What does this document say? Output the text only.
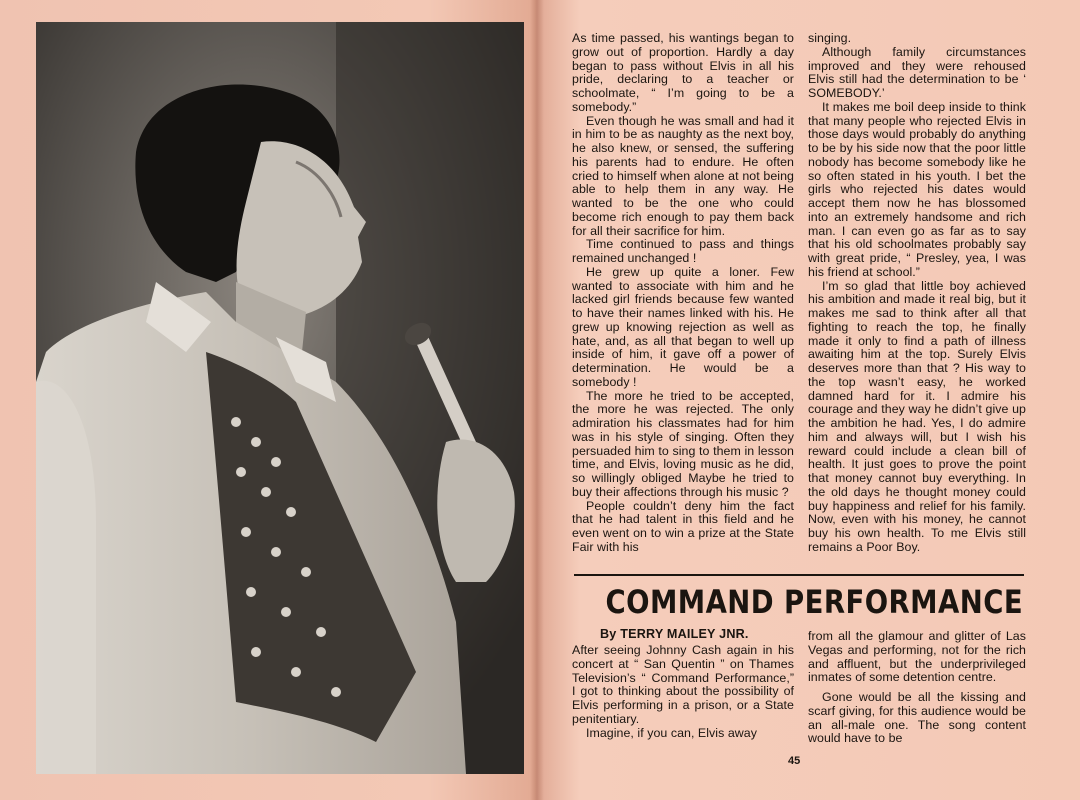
As time passed, his wantings began to grow out of proportion. Hardly a day began to pass without Elvis in all his pride, declaring to a teacher or schoolmate, “ I’m going to be a somebody.”

Even though he was small and had it in him to be as naughty as the next boy, he also knew, or sensed, the suffering his parents had to endure. He often cried to himself when alone at not being able to help them in any way. He wanted to be the one who could become rich enough to pay them back for all their sacrifice for him.

Time continued to pass and things remained unchanged !

He grew up quite a loner. Few wanted to associate with him and he lacked girl friends because few wanted to have their names linked with his. He grew up knowing rejection as well as hate, and, as all that began to well up inside of him, it gave off a power of determination. He would be a somebody !

The more he tried to be accepted, the more he was rejected. The only admiration his classmates had for him was in his style of singing. Often they persuaded him to sing to them in lesson time, and Elvis, loving music as he did, so willingly obliged Maybe he tried to buy their affections through his music ?

People couldn’t deny him the fact that he had talent in this field and he even went on to win a prize at the State Fair with his

singing.

Although family circumstances improved and they were rehoused Elvis still had the determination to be ‘ SOMEBODY.’

It makes me boil deep inside to think that many people who rejected Elvis in those days would probably do anything to be by his side now that the poor little nobody has become somebody like he so often stated in his youth. I bet the girls who rejected his dates would accept them now he has blossomed into an extremely handsome and rich man. I can even go as far as to say that his old schoolmates probably say with great pride, “ Presley, yea, I was his friend at school.”

I’m so glad that little boy achieved his ambition and made it real big, but it makes me sad to think after all that fighting to reach the top, he finally made it only to find a path of illness awaiting him at the top. Surely Elvis deserves more than that ? His way to the top wasn’t easy, he worked damned hard for it. I admire his courage and they way he didn’t give up the ambition he had. Yes, I do admire him and always will, but I wish his reward could include a clean bill of health. It just goes to prove the point that money cannot buy everything. In the old days he thought money could buy happiness and relief for his family. Now, even with his money, he cannot buy his own health. To me Elvis still remains a Poor Boy.

COMMAND PERFORMANCE
By TERRY MAILEY JNR.

After seeing Johnny Cash again in his concert at “ San Quentin ” on Thames Television’s “ Command Performance,” I got to thinking about the possibility of Elvis performing in a prison, or a State penitentiary.

Imagine, if you can, Elvis away

from all the glamour and glitter of Las Vegas and performing, not for the rich and affluent, but the underprivileged inmates of some detention centre.

Gone would be all the kissing and scarf giving, for this audience would be an all-male one. The song content would have to be

45
